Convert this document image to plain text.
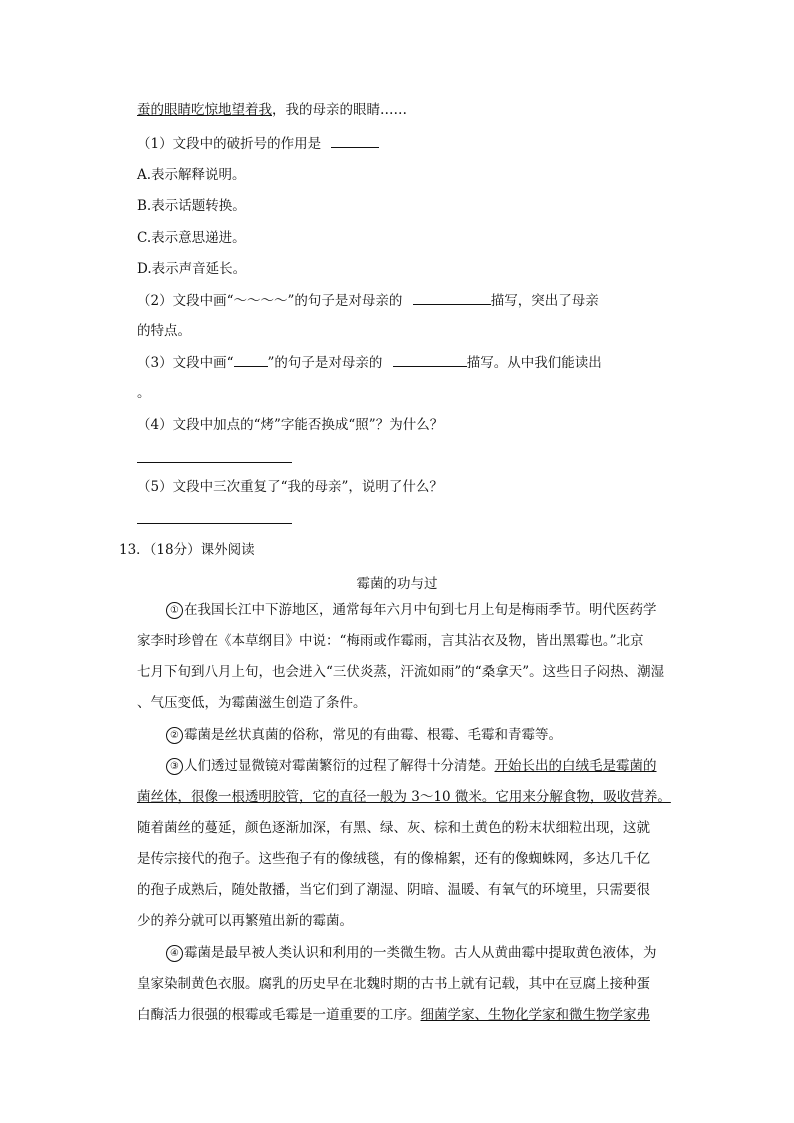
蚕的眼睛吃惊地望着我，我的母亲的眼睛……
（1）文段中的破折号的作用是
A.表示解释说明。
B.表示话题转换。
C.表示意思递进。
D.表示声音延长。
（2）文段中画“～～～～”的句子是对母亲的	描写，突出了母亲
的特点。
（3）文段中画“	”的句子是对母亲的	描写。从中我们能读出
。
（4）文段中加点的“烤”字能否换成“照”？为什么？
（5）文段中三次重复了“我的母亲”，说明了什么？
13．（18分）课外阅读
霉菌的功与过
① 在我国长江中下游地区，通常每年六月中旬到七月上旬是梅雨季节。明代医药学
家李时珍曾在《本草纲目》中说：“梅雨或作霉雨，言其沾衣及物，皆出黑霉也。”北京
七月下旬到八月上旬，也会进入“三伏炎蒸，汗流如雨”的“桑拿天”。这些日子闷热、潮湿
、气压变低，为霉菌滋生创造了条件。
② 霉菌是丝状真菌的俗称，常见的有曲霉、根霉、毛霉和青霉等。
③ 人们透过显微镜对霉菌繁衍的过程了解得十分清楚。开始长出的白绒毛是霉菌的
菌丝体，很像一根透明胶管，它的直径一般为 3～10 微米。它用来分解食物，吸收营养。
随着菌丝的蔓延，颜色逐渐加深，有黑、绿、灰、棕和土黄色的粉末状细粒出现，这就
是传宗接代的孢子。这些孢子有的像绒毯，有的像棉絮，还有的像蜘蛛网，多达几千亿
的孢子成熟后，随处散播，当它们到了潮湿、阴暗、温暖、有氧气的环境里，只需要很
少的养分就可以再繁殖出新的霉菌。
④ 霉菌是最早被人类认识和利用的一类微生物。古人从黄曲霉中提取黄色液体，为
皇家染制黄色衣服。腐乳的历史早在北魏时期的古书上就有记载，其中在豆腐上接种蛋
白酶活力很强的根霉或毛霉是一道重要的工序。细菌学家、生物化学家和微生物学家弗
